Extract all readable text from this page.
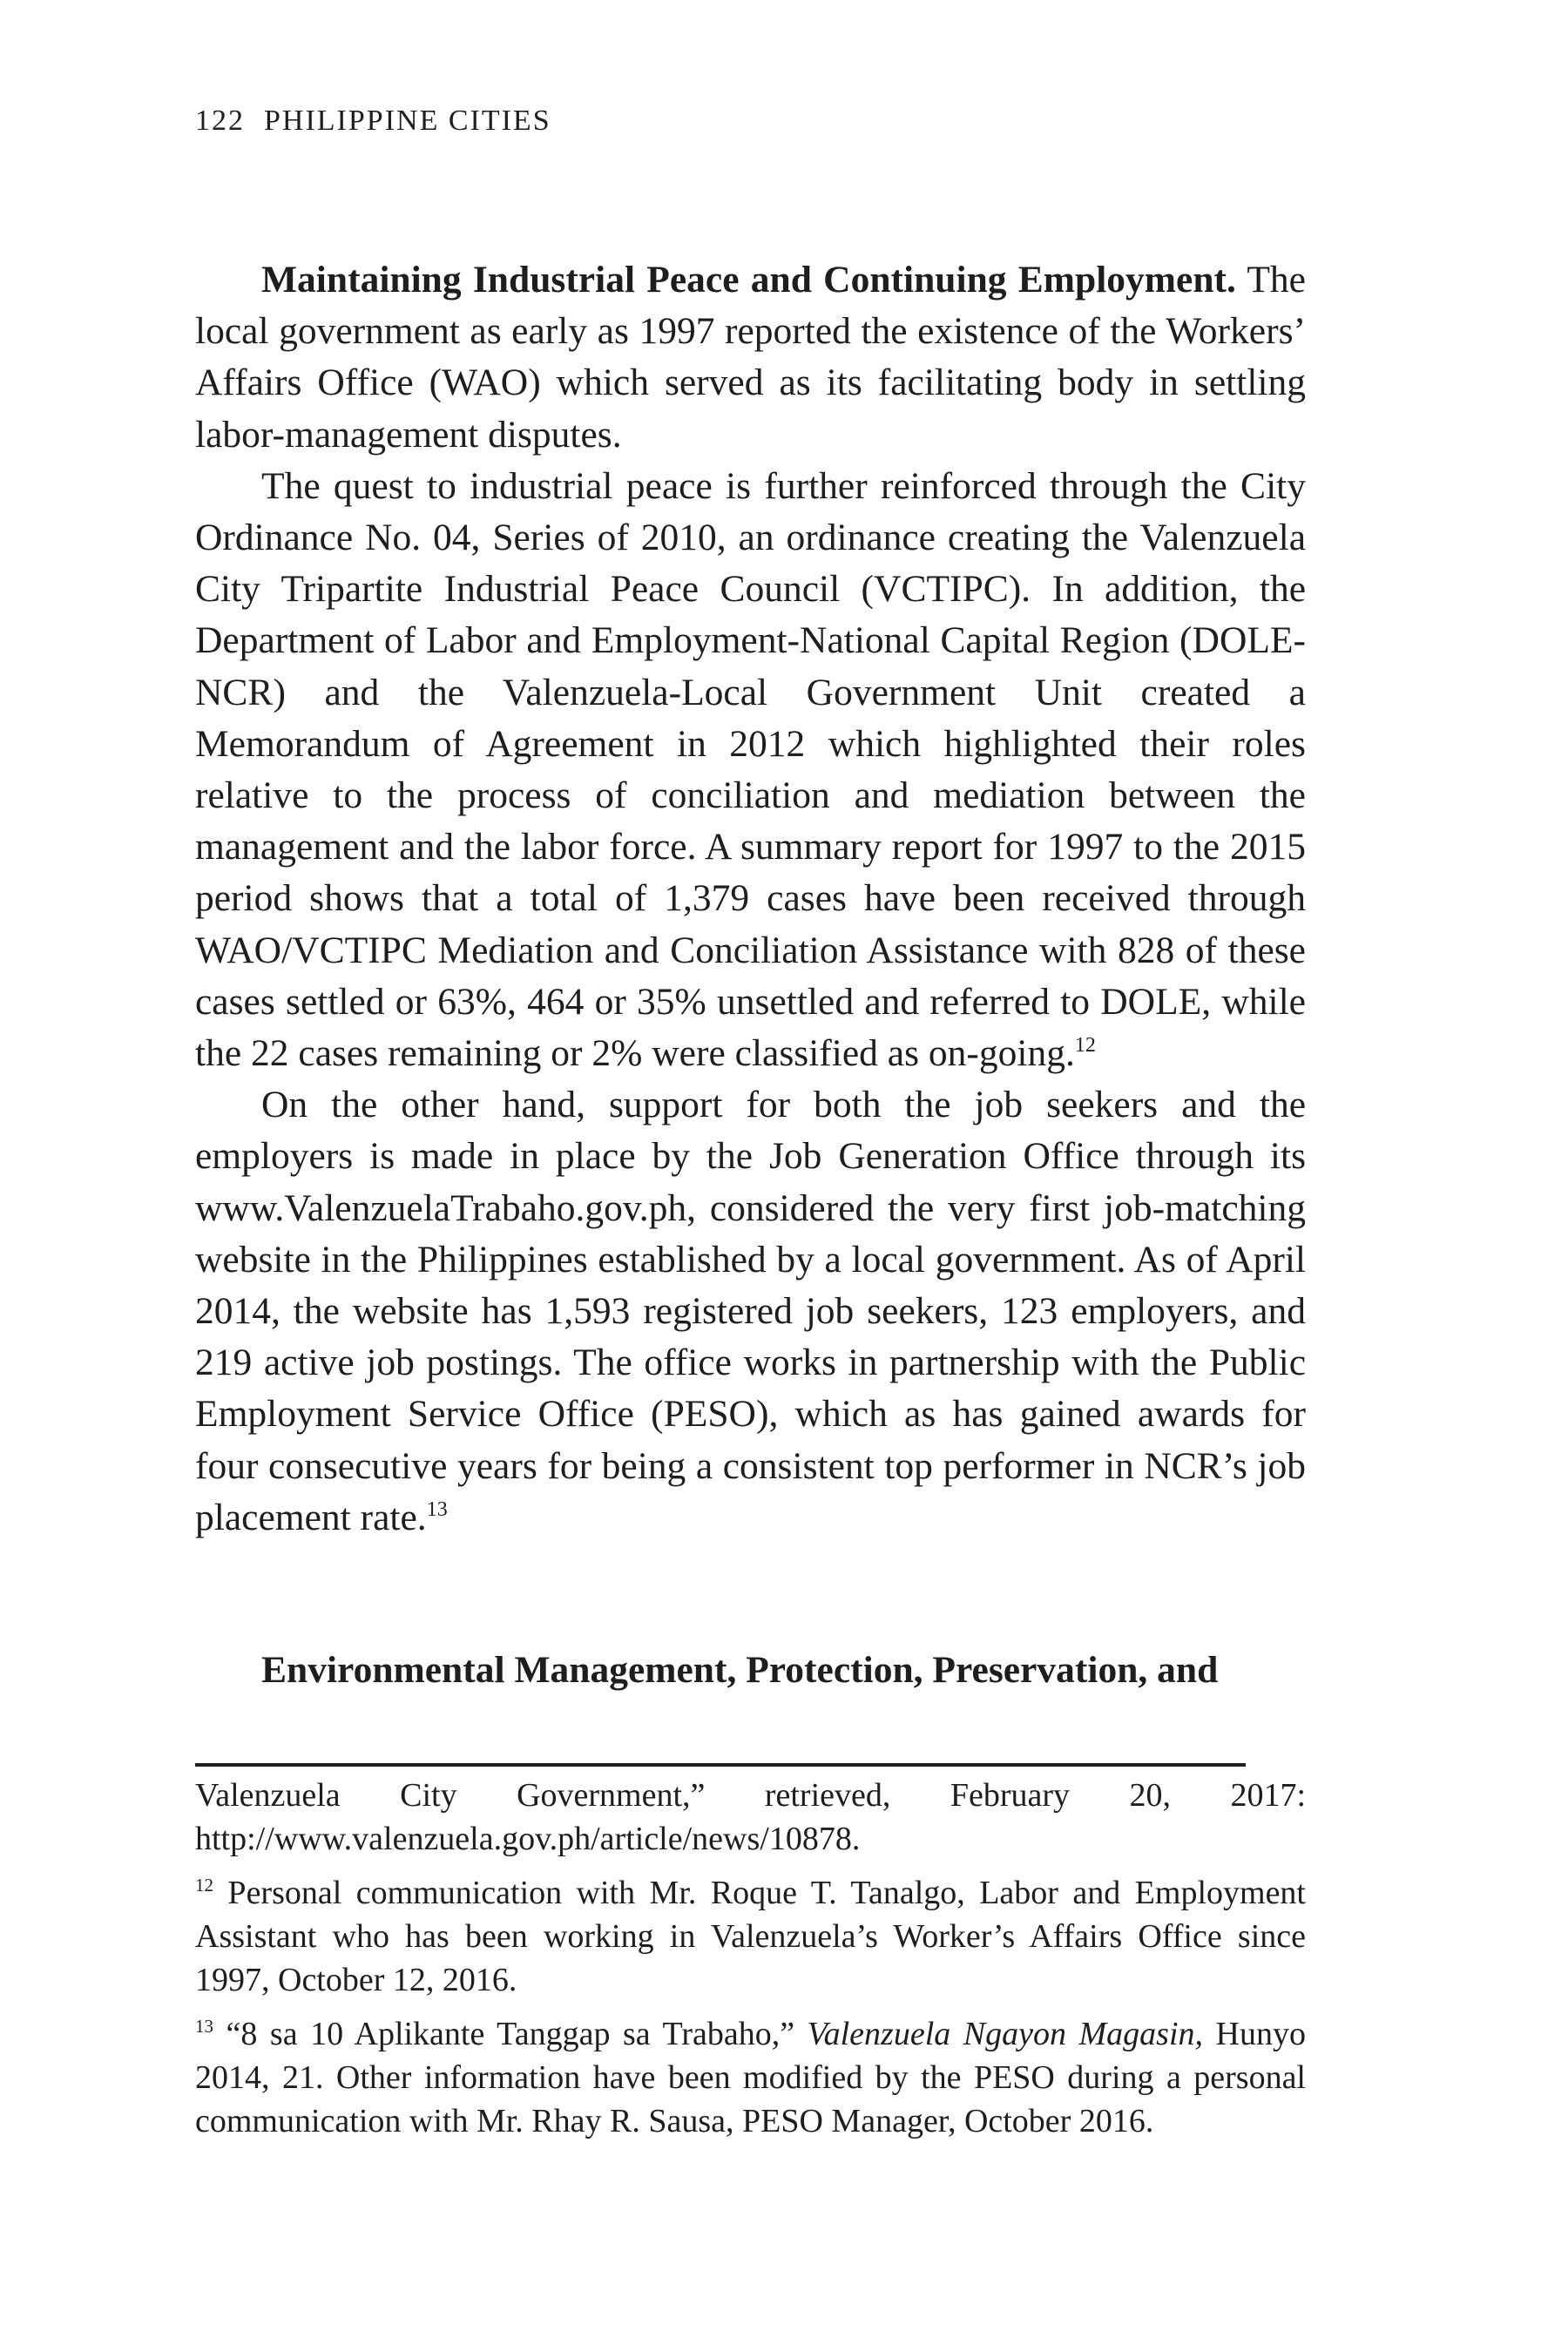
122 PHILIPPINE CITIES

Maintaining Industrial Peace and Continuing Employment. The local government as early as 1997 reported the existence of the Workers’ Affairs Office (WAO) which served as its facilitating body in settling labor-management disputes.

The quest to industrial peace is further reinforced through the City Ordinance No. 04, Series of 2010, an ordinance creating the Valenzuela City Tripartite Industrial Peace Council (VCTIPC). In addition, the Department of Labor and Employment-National Capital Region (DOLE-NCR) and the Valenzuela-Local Government Unit created a Memorandum of Agreement in 2012 which highlighted their roles relative to the process of conciliation and mediation between the management and the labor force. A summary report for 1997 to the 2015 period shows that a total of 1,379 cases have been received through WAO/VCTIPC Mediation and Conciliation Assistance with 828 of these cases settled or 63%, 464 or 35% unsettled and referred to DOLE, while the 22 cases remaining or 2% were classified as on-going.$^{12}$

On the other hand, support for both the job seekers and the employers is made in place by the Job Generation Office through its www.ValenzuelaTrabaho.gov.ph, considered the very first job-matching website in the Philippines established by a local government. As of April 2014, the website has 1,593 registered job seekers, 123 employers, and 219 active job postings. The office works in partnership with the Public Employment Service Office (PESO), which as has gained awards for four consecutive years for being a consistent top performer in NCR’s job placement rate.$^{13}$

Environmental Management, Protection, Preservation, and

Valenzuela City Government,” retrieved, February 20, 2017: http://www.valenzuela.gov.ph/article/news/10878.

$^{12}$ Personal communication with Mr. Roque T. Tanalgo, Labor and Employment Assistant who has been working in Valenzuela’s Worker’s Affairs Office since 1997, October 12, 2016.

$^{13}$ “8 sa 10 Aplikante Tanggap sa Trabaho,” Valenzuela Ngayon Magasin, Hunyo 2014, 21. Other information have been modified by the PESO during a personal communication with Mr. Rhay R. Sausa, PESO Manager, October 2016.
